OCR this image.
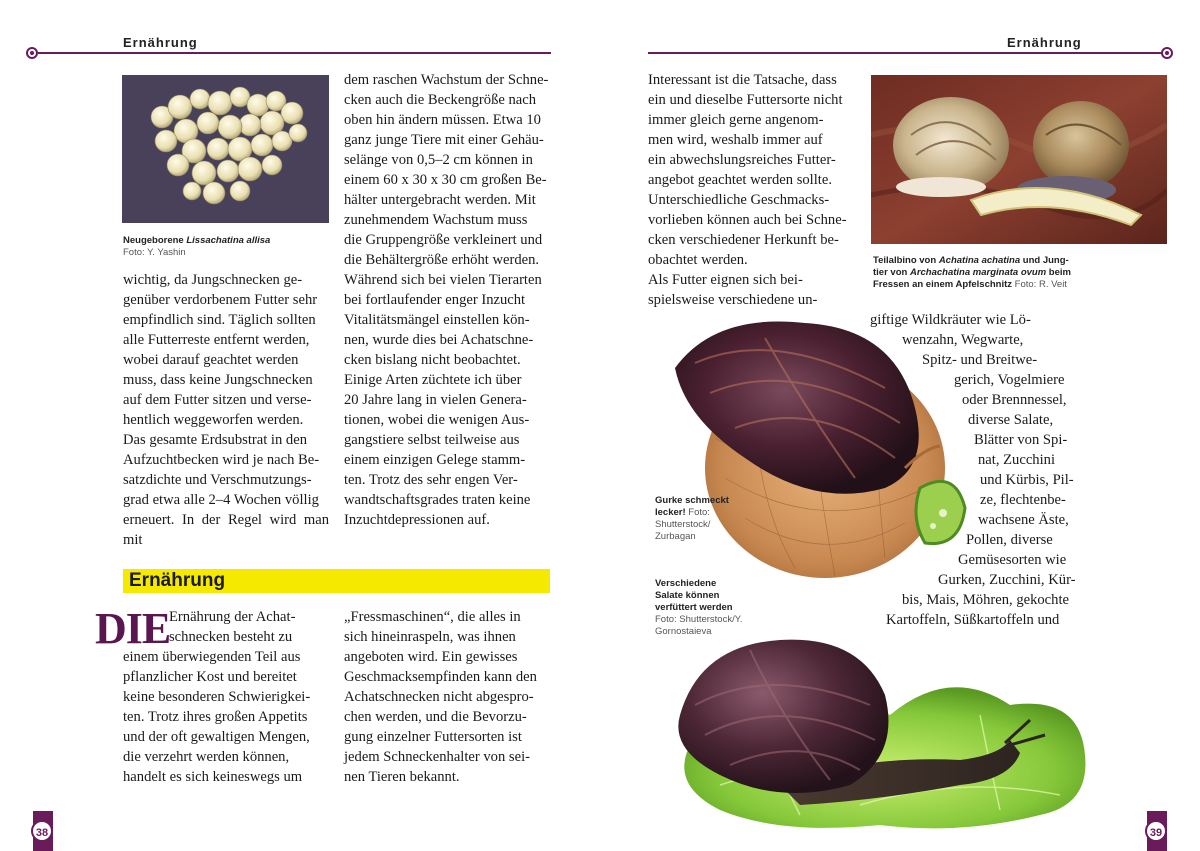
Ernährung	Ernährung
Neugeborene Lissachatina allisa
Foto: Y. Yashin

wichtig, da Jungschnecken ge-

genüber verdorbenem Futter sehr

empfindlich sind. Täglich sollten

alle Futterreste entfernt werden,

wobei darauf geachtet werden

muss, dass keine Jungschnecken

auf dem Futter sitzen und verse-

hentlich weggeworfen werden.

Das gesamte Erdsubstrat in den

Aufzuchtbecken wird je nach Be-

satzdichte und Verschmutzungs-

grad etwa alle 2–4 Wochen völlig

erneuert. In der Regel wird man mit

dem raschen Wachstum der Schne-

cken auch die Beckengröße nach

oben hin ändern müssen. Etwa 10

ganz junge Tiere mit einer Gehäu-

selänge von 0,5–2 cm können in

einem 60 x 30 x 30 cm großen Be-

hälter untergebracht werden. Mit

zunehmendem Wachstum muss

die Gruppengröße verkleinert und

die Behältergröße erhöht werden.

Während sich bei vielen Tierarten

bei fortlaufender enger Inzucht

Vitalitätsmängel einstellen kön-

nen, wurde dies bei Achatschne-

cken bislang nicht beobachtet.

Einige Arten züchtete ich über

20 Jahre lang in vielen Genera-

tionen, wobei die wenigen Aus-

gangstiere selbst teilweise aus

einem einzigen Gelege stamm-

ten. Trotz des sehr engen Ver-

wandtschaftsgrades traten keine

Inzuchtdepressionen auf.

Ernährung
DIE

Ernährung der Achat-

schnecken besteht zu

einem überwiegenden Teil aus

pflanzlicher Kost und bereitet

keine besonderen Schwierigkei-

ten. Trotz ihres großen Appetits

und der oft gewaltigen Mengen,

die verzehrt werden können,

handelt es sich keineswegs um

„Fressmaschinen“, die alles in

sich hineinraspeln, was ihnen

angeboten wird. Ein gewisses

Geschmacksempfinden kann den

Achatschnecken nicht abgespro-

chen werden, und die Bevorzu-

gung einzelner Futtersorten ist

jedem Schneckenhalter von sei-

nen Tieren bekannt.

38

Interessant ist die Tatsache, dass

ein und dieselbe Futtersorte nicht

immer gleich gerne angenom-

men wird, weshalb immer auf

ein abwechslungsreiches Futter-

angebot geachtet werden sollte.

Unterschiedliche Geschmacks-

vorlieben können auch bei Schne-

cken verschiedener Herkunft be-

obachtet werden.

Als Futter eignen sich bei-

spielsweise verschiedene un-

Teilalbino von Achatina achatina und Jung-
tier von Archachatina marginata ovum beim
Fressen an einem Apfelschnitz Foto: R. Veit
Gurke schmeckt
lecker! Foto:
Shutterstock/
Zurbagan

giftige Wildkräuter wie Lö-

wenzahn, Wegwarte,

Spitz- und Breitwe-

gerich, Vogelmiere

oder Brennnessel,

diverse Salate,

Blätter von Spi-

nat, Zucchini

und Kürbis, Pil-

ze, flechtenbe-

wachsene Äste,

Pollen, diverse

Gemüsesorten wie

Gurken, Zucchini, Kür-

bis, Mais, Möhren, gekochte

Kartoffeln, Süßkartoffeln und

Verschiedene
Salate können
verfüttert werden
Foto: Shutterstock/Y.
Gornostaieva
39
